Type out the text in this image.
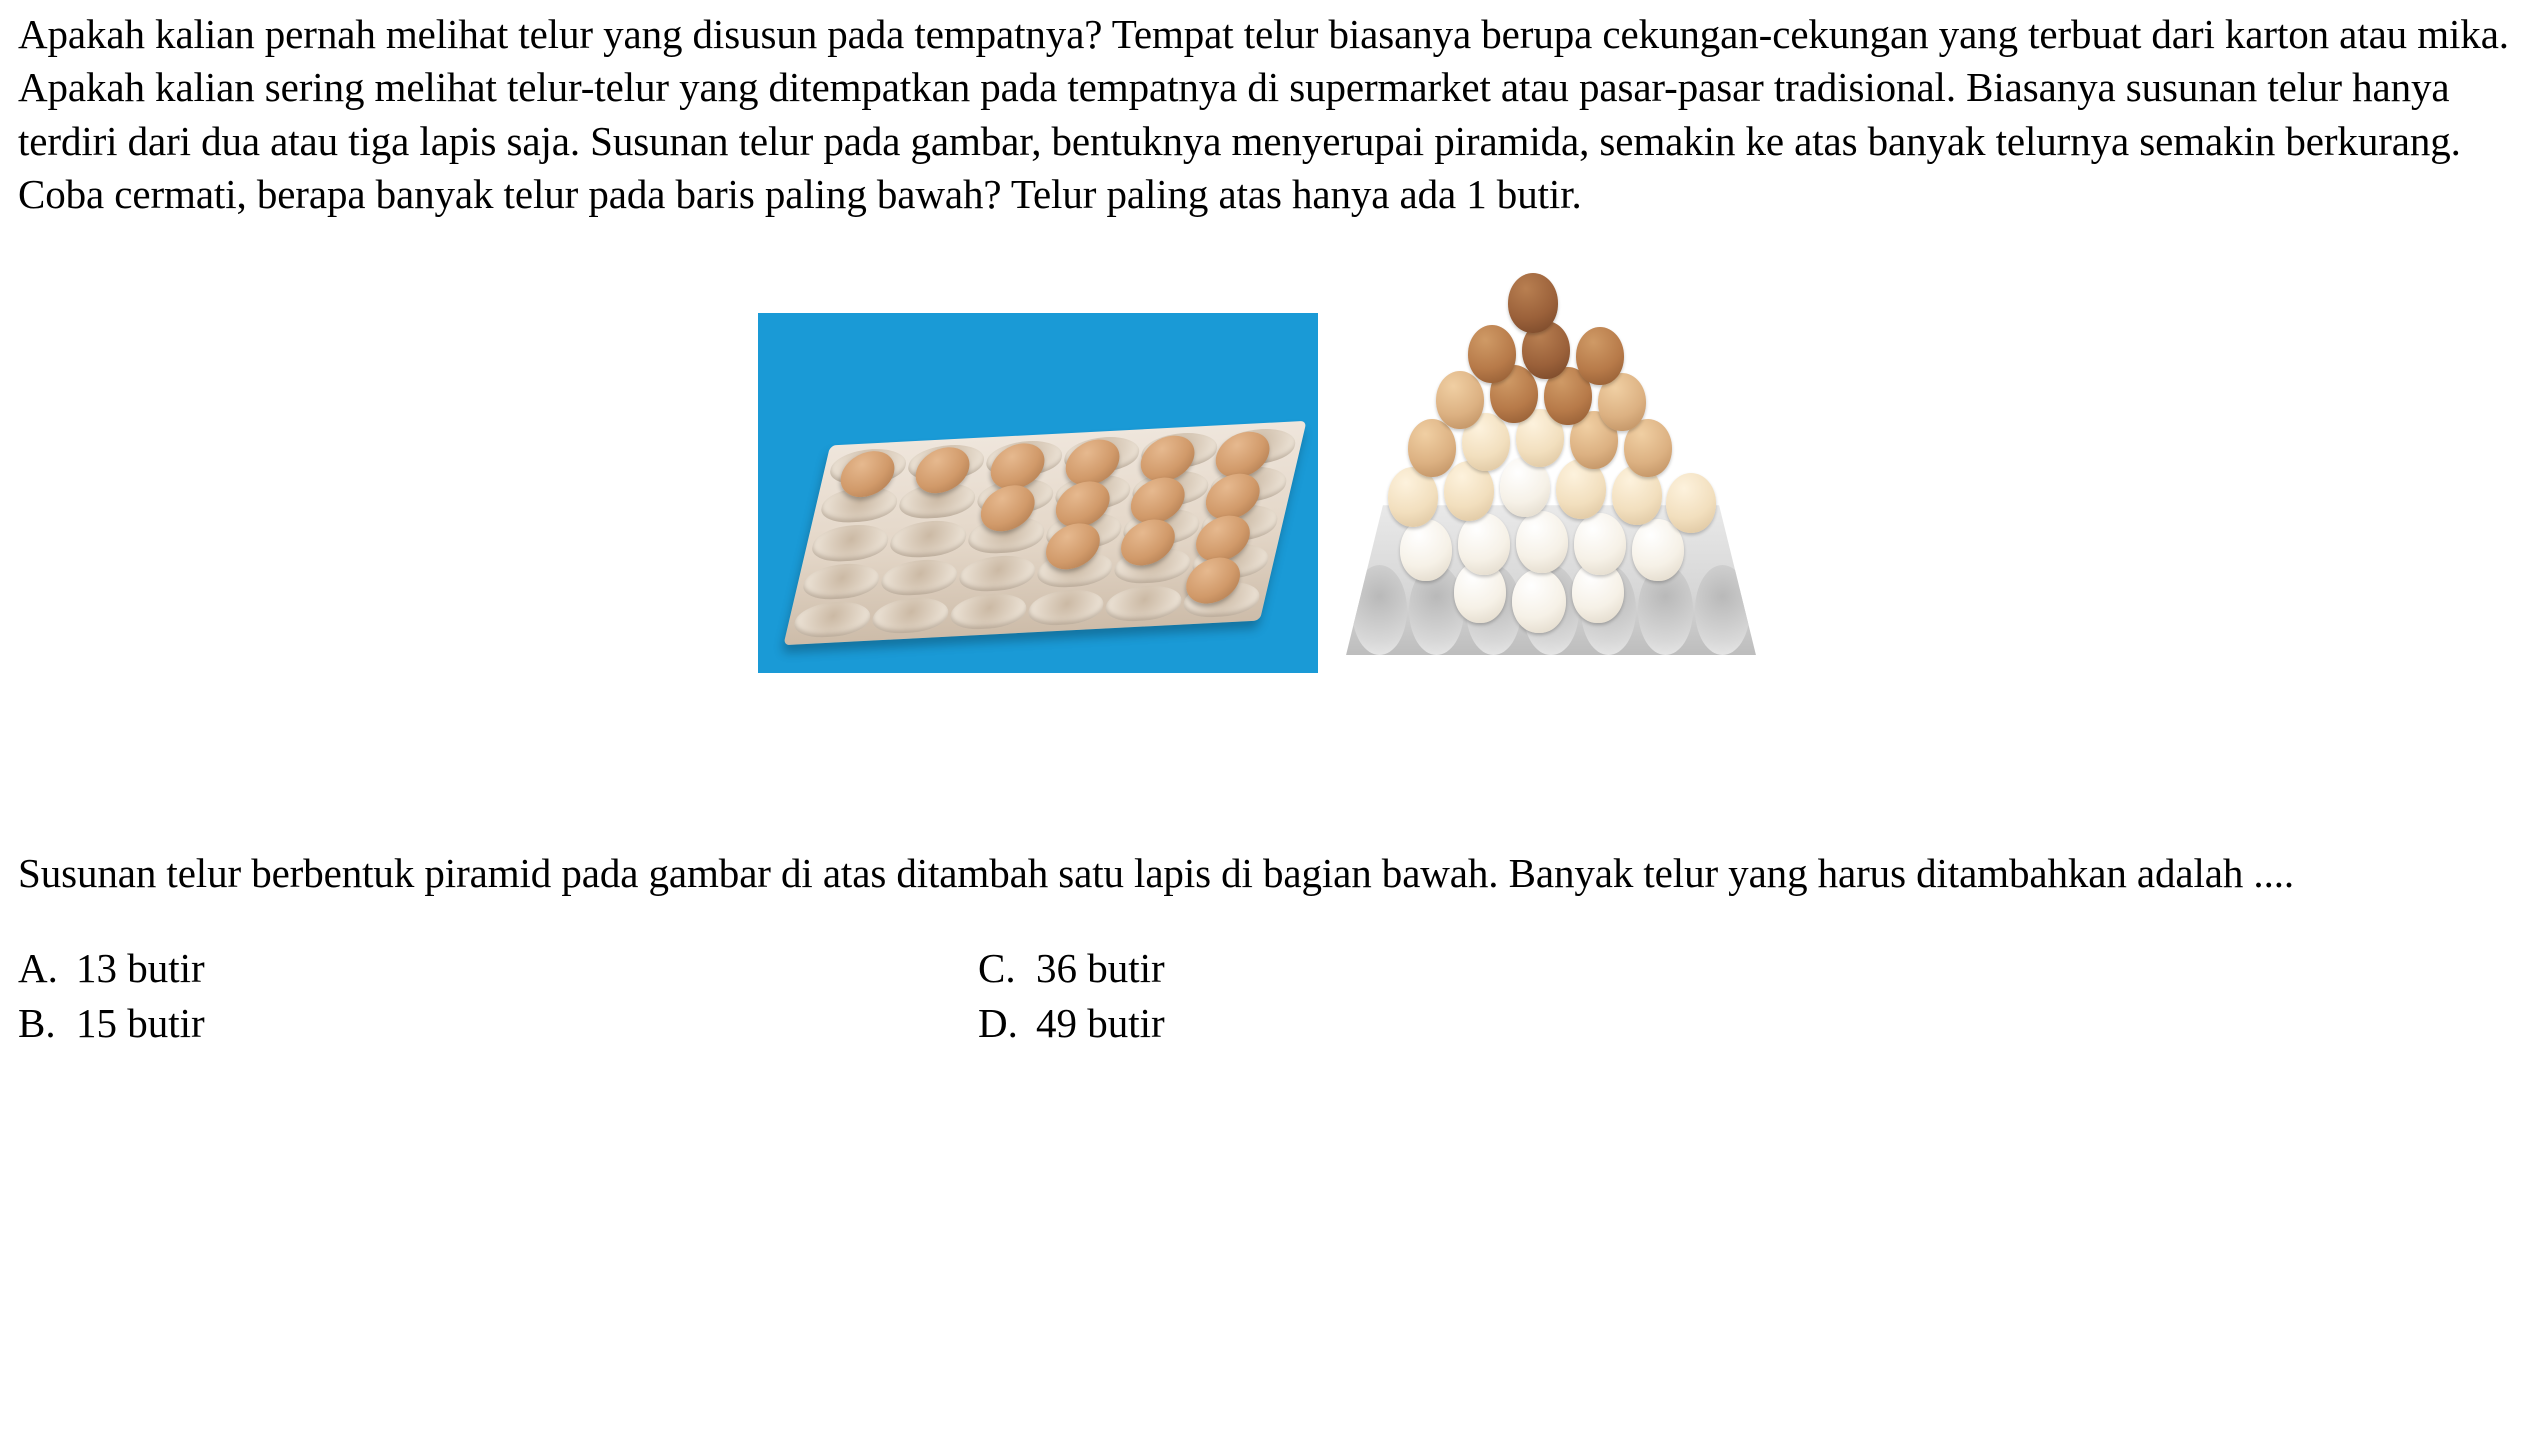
Apakah kalian pernah melihat telur yang disusun pada tempatnya? Tempat telur biasanya berupa cekungan-cekungan yang terbuat dari karton atau mika. Apakah kalian sering melihat telur-telur yang ditempatkan pada tempatnya di supermarket atau pasar-pasar tradisional. Biasanya susunan telur hanya terdiri dari dua atau tiga lapis saja. Susunan telur pada gambar, bentuknya menyerupai piramida, semakin ke atas banyak telurnya semakin berkurang. Coba cermati, berapa banyak telur pada baris paling bawah? Telur paling atas hanya ada 1 butir.

Susunan telur berbentuk piramid pada gambar di atas ditambah satu lapis di bagian bawah. Banyak telur yang harus ditambahkan adalah ....

A. 13 butir	C. 36 butir
B. 15 butir	D. 49 butir
